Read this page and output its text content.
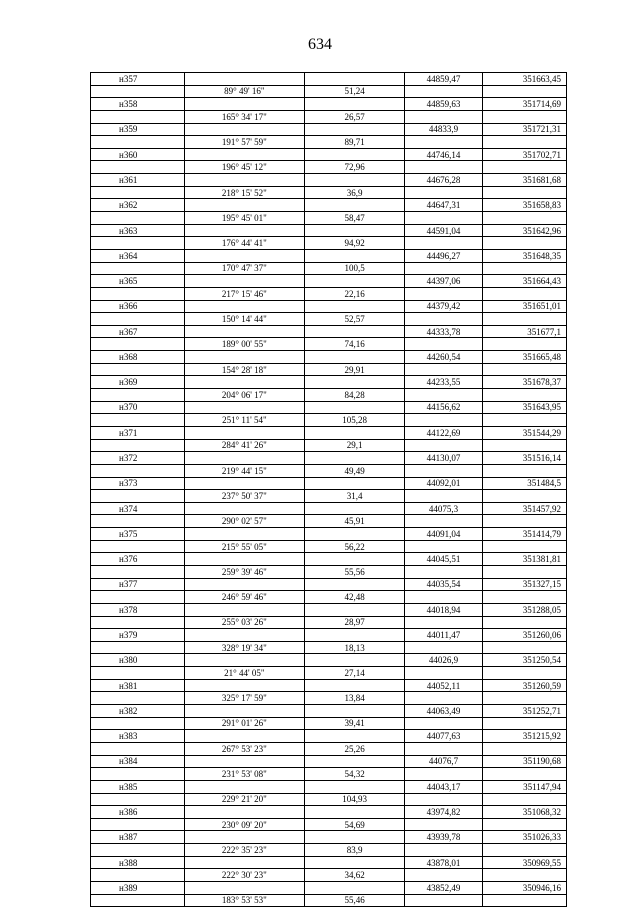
634
н357			44859,47	351663,45
	89° 49' 16"	51,24		
н358			44859,63	351714,69
	165° 34' 17"	26,57		
н359			44833,9	351721,31
	191° 57' 59"	89,71		
н360			44746,14	351702,71
	196° 45' 12"	72,96		
н361			44676,28	351681,68
	218° 15' 52"	36,9		
н362			44647,31	351658,83
	195° 45' 01"	58,47		
н363			44591,04	351642,96
	176° 44' 41"	94,92		
н364			44496,27	351648,35
	170° 47' 37"	100,5		
н365			44397,06	351664,43
	217° 15' 46"	22,16		
н366			44379,42	351651,01
	150° 14' 44"	52,57		
н367			44333,78	351677,1
	189° 00' 55"	74,16		
н368			44260,54	351665,48
	154° 28' 18"	29,91		
н369			44233,55	351678,37
	204° 06' 17"	84,28		
н370			44156,62	351643,95
	251° 11' 54"	105,28		
н371			44122,69	351544,29
	284° 41' 26"	29,1		
н372			44130,07	351516,14
	219° 44' 15"	49,49		
н373			44092,01	351484,5
	237° 50' 37"	31,4		
н374			44075,3	351457,92
	290° 02' 57"	45,91		
н375			44091,04	351414,79
	215° 55' 05"	56,22		
н376			44045,51	351381,81
	259° 39' 46"	55,56		
н377			44035,54	351327,15
	246° 59' 46"	42,48		
н378			44018,94	351288,05
	255° 03' 26"	28,97		
н379			44011,47	351260,06
	328° 19' 34"	18,13		
н380			44026,9	351250,54
	21° 44' 05"	27,14		
н381			44052,11	351260,59
	325° 17' 59"	13,84		
н382			44063,49	351252,71
	291° 01' 26"	39,41		
н383			44077,63	351215,92
	267° 53' 23"	25,26		
н384			44076,7	351190,68
	231° 53' 08"	54,32		
н385			44043,17	351147,94
	229° 21' 20"	104,93		
н386			43974,82	351068,32
	230° 09' 20"	54,69		
н387			43939,78	351026,33
	222° 35' 23"	83,9		
н388			43878,01	350969,55
	222° 30' 23"	34,62		
н389			43852,49	350946,16
	183° 53' 53"	55,46		
